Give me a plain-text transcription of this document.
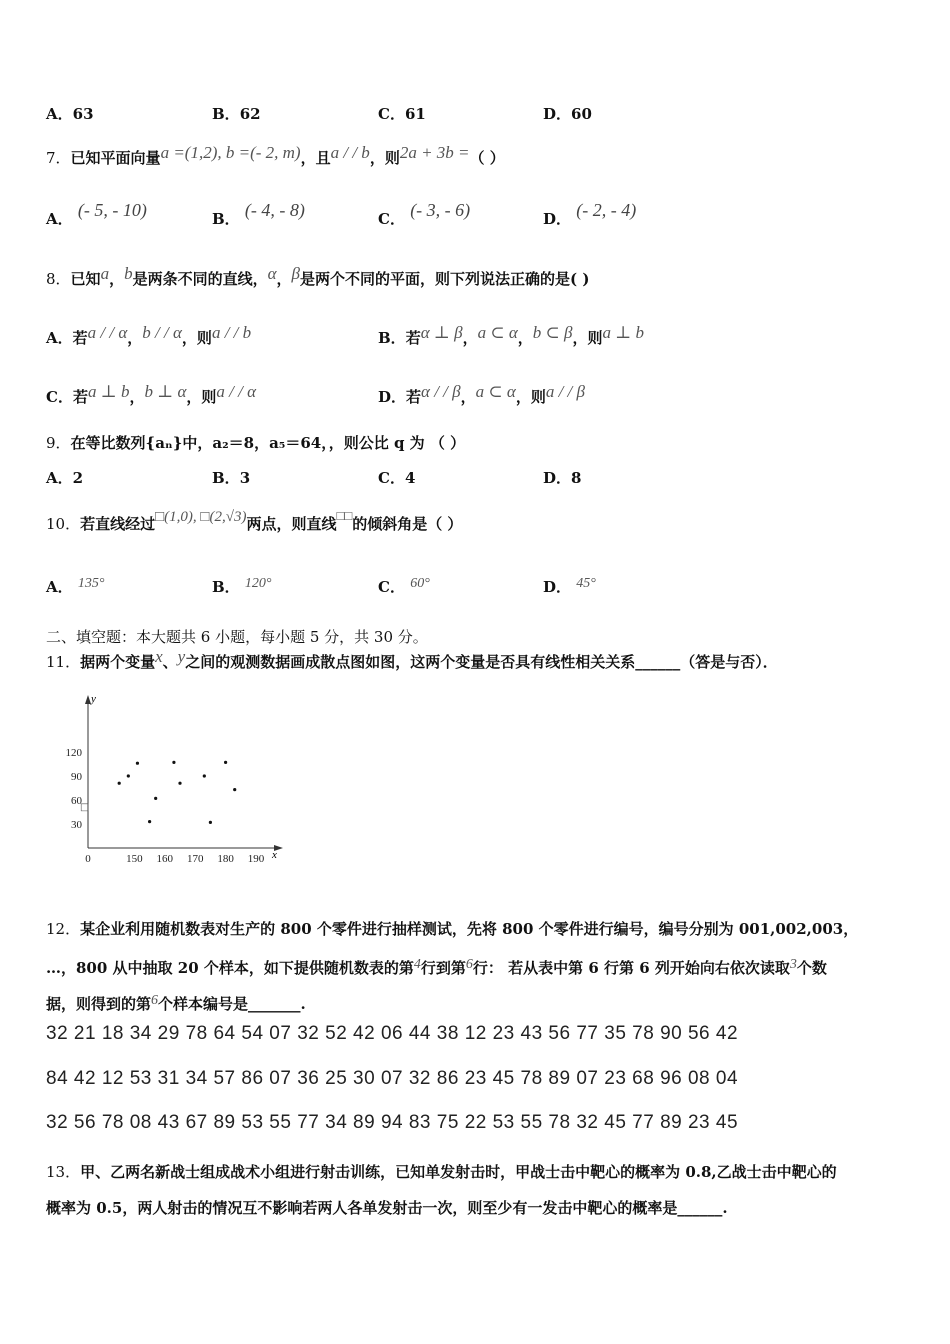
A．63	B．62	C．61	D．60
7．已知平面向量a =(1,2), b =(- 2, m)，且a / / b，则2a + 3b =（ ）
A． (- 5, - 10)	B． (- 4, - 8)	C． (- 3, - 6)	D． (- 2, - 4)
8．已知a，b是两条不同的直线，α，β是两个不同的平面，则下列说法正确的是( )
A．若a / / α，b / / α，则a / / b	B．若α ⊥ β，a ⊂ α，b ⊂ β，则a ⊥ b
C．若a ⊥ b，b ⊥ α，则a / / α	D．若α / / β，a ⊂ α，则a / / β
9．在等比数列{aₙ}中，a₂＝8，a₅＝64，，则公比 q 为 （ ）
A．2	B．3	C．4	D．8
10．若直线经过□(1,0), □(2,√3)两点，则直线□□的倾斜角是（ ）
A． 135°	B． 120°	C． 60°	D． 45°
二、填空题：本大题共 6 小题，每小题 5 分，共 30 分。
11．据两个变量x、y之间的观测数据画成散点图如图，这两个变量是否具有线性相关关系______（答是与否）．
y
x
□
0	150 160 170 180 190
30
60
90
120
12．某企业利用随机数表对生产的 800 个零件进行抽样测试，先将 800 个零件进行编号，编号分别为 001,002,003，
…，800 从中抽取 20 个样本，如下提供随机数表的第4行到第6行： 若从表中第 6 行第 6 列开始向右依次读取3个数
据，则得到的第6个样本编号是_______.
32 21 18 34 29 78 64 54 07 32 52 42 06 44 38 12 23 43 56 77 35 78 90 56 42
84 42 12 53 31 34 57 86 07 36 25 30 07 32 86 23 45 78 89 07 23 68 96 08 04
32 56 78 08 43 67 89 53 55 77 34 89 94 83 75 22 53 55 78 32 45 77 89 23 45
13．甲、乙两名新战士组成战术小组进行射击训练，已知单发射击时，甲战士击中靶心的概率为 0.8,乙战士击中靶心的
概率为 0.5，两人射击的情况互不影响若两人各单发射击一次，则至少有一发击中靶心的概率是______.
